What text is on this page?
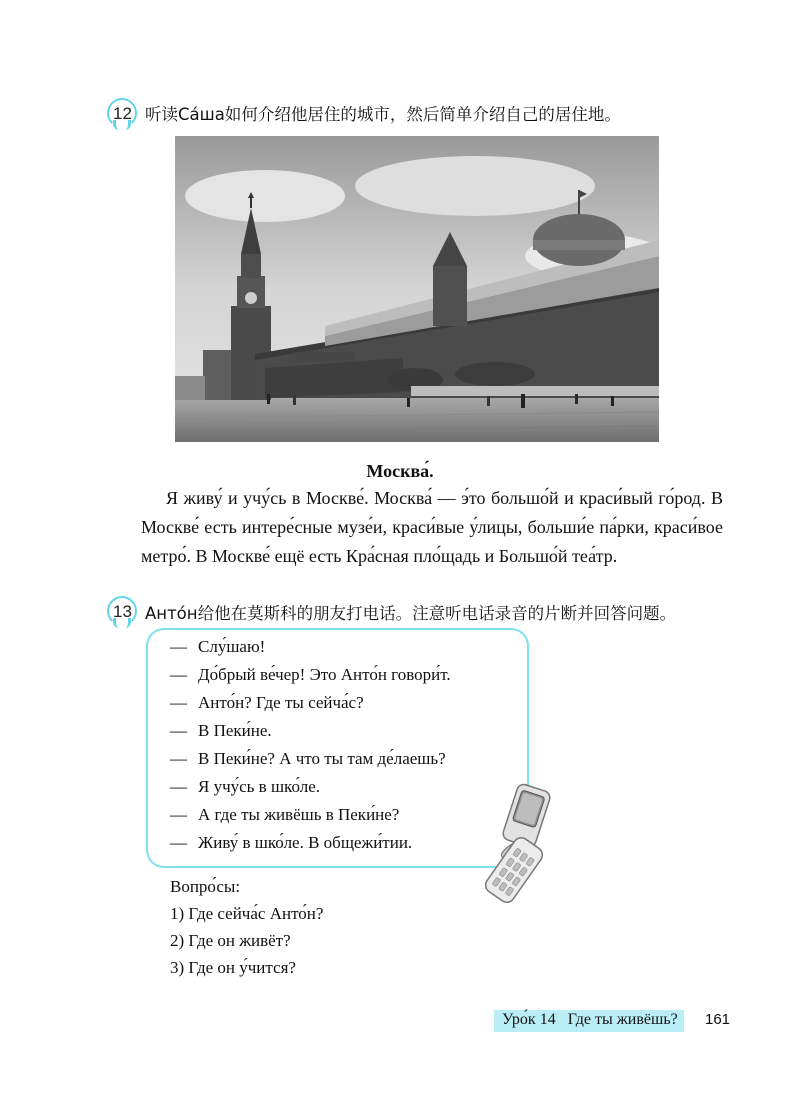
12 听读Са́ша如何介绍他居住的城市，然后简单介绍自己的居住地。
Москва́.
Я живу́ и учу́сь в Москве́. Москва́ — э́то большо́й и краси́вый го́род. В Москве́ есть интере́сные музе́и, краси́вые у́лицы, больши́е па́рки, краси́вое метро́. В Москве́ ещё есть Кра́сная пло́щадь и Большо́й теа́тр.
13 Анто́н给他在莫斯科的朋友打电话。注意听电话录音的片断并回答问题。
— Слу́шаю!
— До́брый ве́чер! Это Анто́н говори́т.
— Анто́н? Где ты сейча́с?
— В Пеки́не.
— В Пеки́не? А что ты там де́лаешь?
— Я учу́сь в шко́ле.
— А где ты живёшь в Пеки́не?
— Живу́ в шко́ле. В общежи́тии.
Вопро́сы:
1) Где сейча́с Анто́н?
2) Где он живёт?
3) Где он у́чится?
Уро́к 14   Где ты живёшь? 161
